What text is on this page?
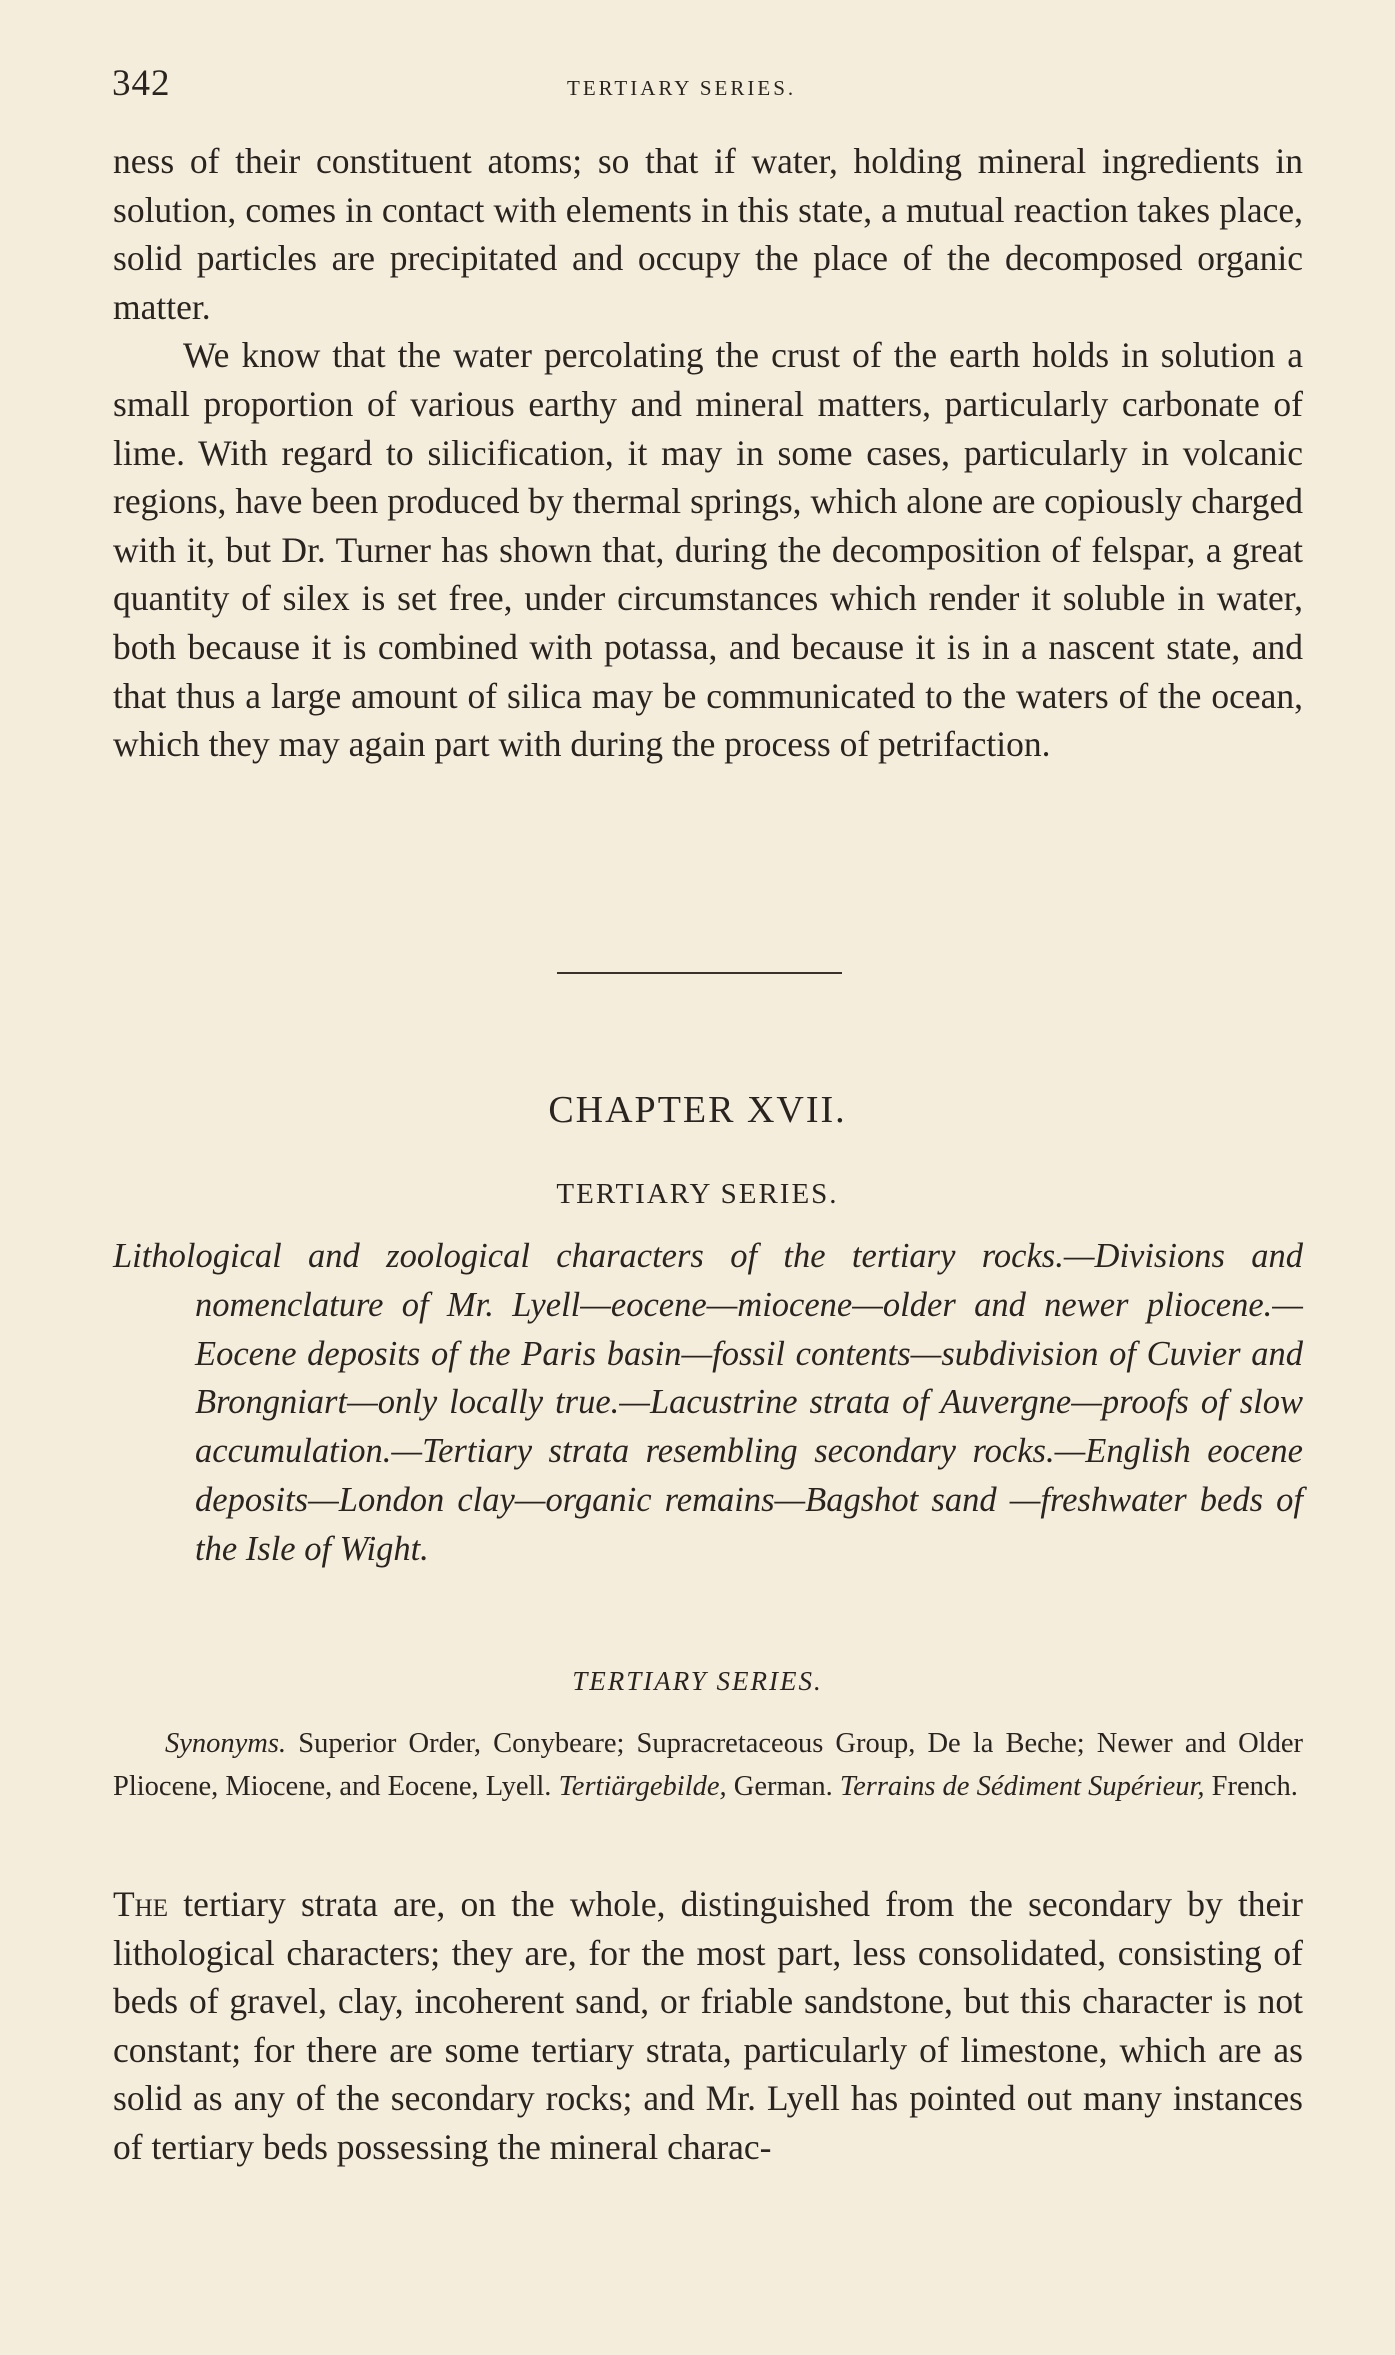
342	TERTIARY SERIES.

ness of their constituent atoms; so that if water, holding mineral ingredients in solution, comes in contact with elements in this state, a mutual reaction takes place, solid particles are precipitated and occupy the place of the decomposed organic matter.

We know that the water percolating the crust of the earth holds in solution a small proportion of various earthy and mineral matters, particularly carbonate of lime. With regard to silicification, it may in some cases, particularly in volcanic regions, have been produced by thermal springs, which alone are copiously charged with it, but Dr. Turner has shown that, during the decomposition of felspar, a great quantity of silex is set free, under circumstances which render it soluble in water, both because it is combined with potassa, and because it is in a nascent state, and that thus a large amount of silica may be communicated to the waters of the ocean, which they may again part with during the process of petrifaction.

CHAPTER XVII.
TERTIARY SERIES.

Lithological and zoological characters of the tertiary rocks.—Divisions and nomenclature of Mr. Lyell—eocene—miocene—older and newer pliocene.—Eocene deposits of the Paris basin—fossil contents—subdivision of Cuvier and Brongniart—only locally true.—Lacustrine strata of Auvergne—proofs of slow accumulation.—Tertiary strata resembling secondary rocks.—English eocene deposits—London clay—organic remains—Bagshot sand —freshwater beds of the Isle of Wight.

TERTIARY SERIES.

Synonyms. Superior Order, Conybeare; Supracretaceous Group, De la Beche; Newer and Older Pliocene, Miocene, and Eocene, Lyell. Tertiärgebilde, German. Terrains de Sédiment Supérieur, French.

The tertiary strata are, on the whole, distinguished from the secondary by their lithological characters; they are, for the most part, less consolidated, consisting of beds of gravel, clay, incoherent sand, or friable sandstone, but this character is not constant; for there are some tertiary strata, particularly of limestone, which are as solid as any of the secondary rocks; and Mr. Lyell has pointed out many instances of tertiary beds possessing the mineral charac-
